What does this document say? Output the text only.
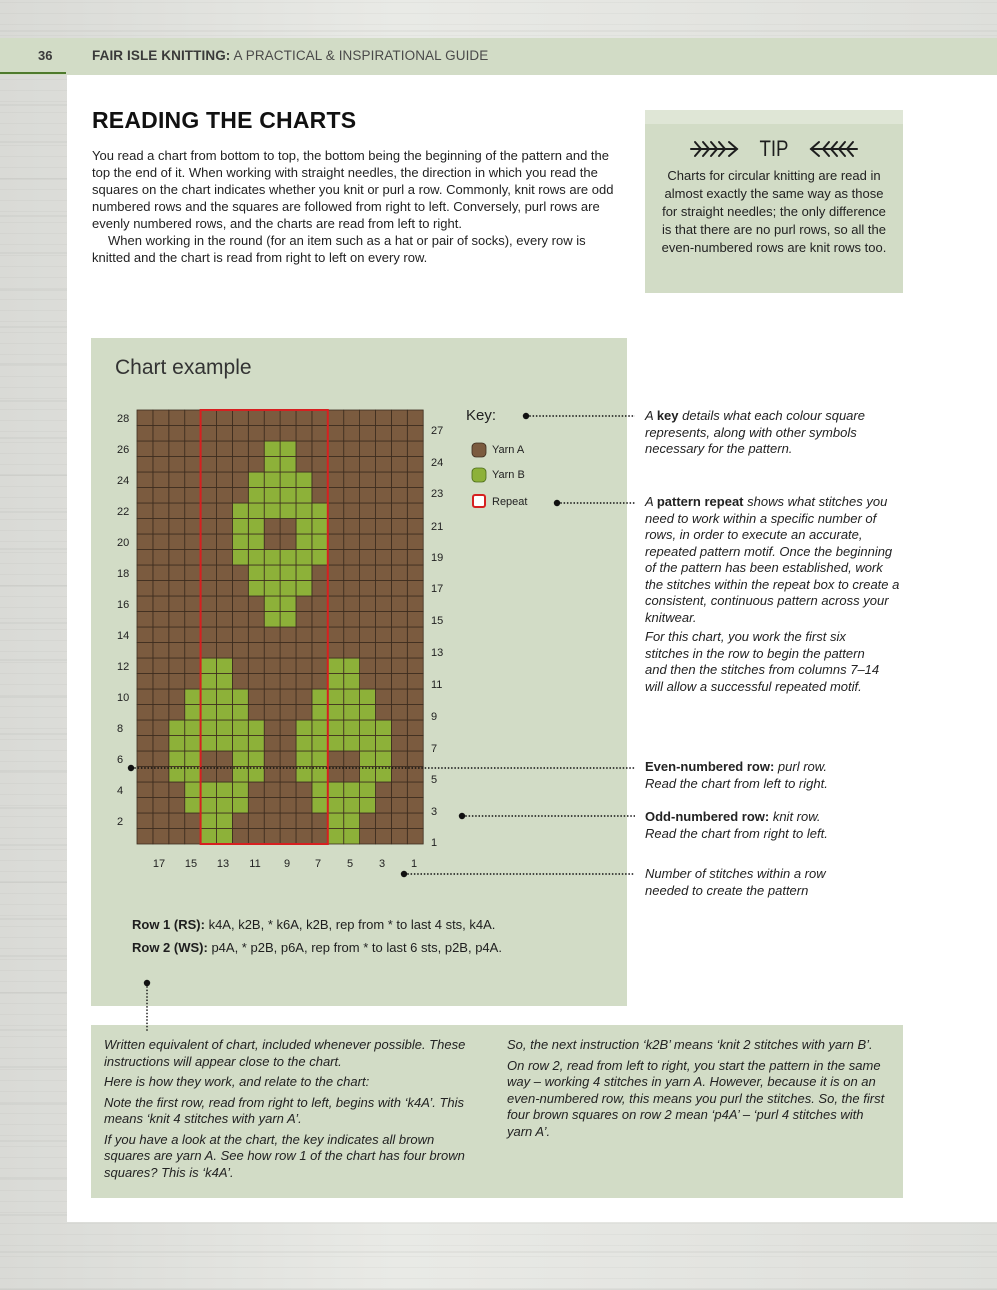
36	FAIR ISLE KNITTING: A PRACTICAL & INSPIRATIONAL GUIDE
READING THE CHARTS

You read a chart from bottom to top, the bottom being the beginning of the pattern and the top the end of it. When working with straight needles, the direction in which you read the squares on the chart indicates whether you knit or purl a row. Commonly, knit rows are odd numbered rows and the squares are followed from right to left. Conversely, purl rows are evenly numbered rows, and the charts are read from left to right.

When working in the round (for an item such as a hat or pair of socks), every row is knitted and the chart is read from right to left on every row.

TIP
Charts for circular knitting are read in almost exactly the same way as those for straight needles; the only difference is that there are no purl rows, so all the even-numbered rows are knit rows too.
Chart example
28
26
24
22
20
18
16
14
12
10
8
6
4
2
27
24
23
21
19
17
15
13
11
9
7
5
3
1
17 15 13 11 9 7 5 3 1
Key:
Yarn A
Yarn B
Repeat
A key details what each colour square represents, along with other symbols necessary for the pattern.

A pattern repeat shows what stitches you need to work within a specific number of rows, in order to execute an accurate, repeated pattern motif. Once the beginning of the pattern has been established, work the stitches within the repeat box to create a consistent, continuous pattern across your knitwear.

For this chart, you work the first six stitches in the row to begin the pattern and then the stitches from columns 7–14 will allow a successful repeated motif.

Even-numbered row: purl row.
Read the chart from left to right.
Odd-numbered row: knit row.
Read the chart from right to left.
Number of stitches within a row needed to create the pattern
Row 1 (RS): k4A, k2B, * k6A, k2B, rep from * to last 4 sts, k4A.
Row 2 (WS): p4A, * p2B, p6A, rep from * to last 6 sts, p2B, p4A.

Written equivalent of chart, included whenever possible. These instructions will appear close to the chart.

Here is how they work, and relate to the chart:

Note the first row, read from right to left, begins with ‘k4A’. This means ‘knit 4 stitches with yarn A’.

If you have a look at the chart, the key indicates all brown squares are yarn A. See how row 1 of the chart has four brown squares? This is ‘k4A’.

So, the next instruction ‘k2B’ means ‘knit 2 stitches with yarn B’.

On row 2, read from left to right, you start the pattern in the same way – working 4 stitches in yarn A. However, because it is on an even-numbered row, this means you purl the stitches. So, the first four brown squares on row 2 mean ‘p4A’ – ‘purl 4 stitches with yarn A’.
